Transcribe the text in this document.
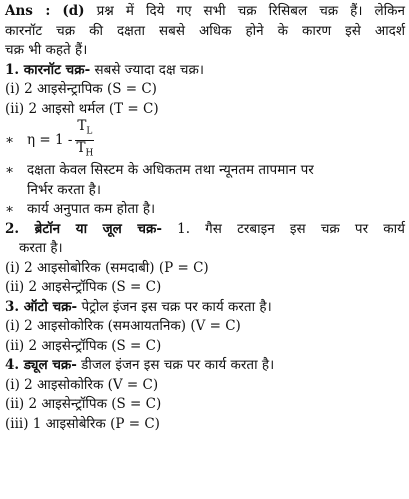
Ans : (d) प्रश्न में दिये गए सभी चक्र रिसिबल चक्र हैं। लेकिन
कारनॉट चक्र की दक्षता सबसे अधिक होने के कारण इसे आदर्श
चक्र भी कहते हैं।
1. कारनॉट चक्र- सबसे ज्यादा दक्ष चक्र।
(i) 2 आइसेन्ट्रापिक (S = C)
(ii) 2 आइसो थर्मल (T = C)
∗ $\eta = 1 - \frac{T_L}{T_H}$
∗ दक्षता केवल सिस्टम के अधिकतम तथा न्यूनतम तापमान पर
निर्भर करता है।
∗ कार्य अनुपात कम होता है।
2. ब्रेटॉन या जूल चक्र- 1. गैस टरबाइन इस चक्र पर कार्य
करता है।
(i) 2 आइसोबोरिक (समदाबी) (P = C)
(ii) 2 आइसेन्ट्रॉपिक (S = C)
3. ऑटो चक्र- पेट्रोल इंजन इस चक्र पर कार्य करता है।
(i) 2 आइसोकोरिक (समआयतनिक) (V = C)
(ii) 2 आइसेन्ट्रॉपिक (S = C)
4. ड्यूल चक्र- डीजल इंजन इस चक्र पर कार्य करता है।
(i) 2 आइसोकोरिक (V = C)
(ii) 2 आइसेन्ट्रॉपिक (S = C)
(iii) 1 आइसोबेरिक (P = C)
